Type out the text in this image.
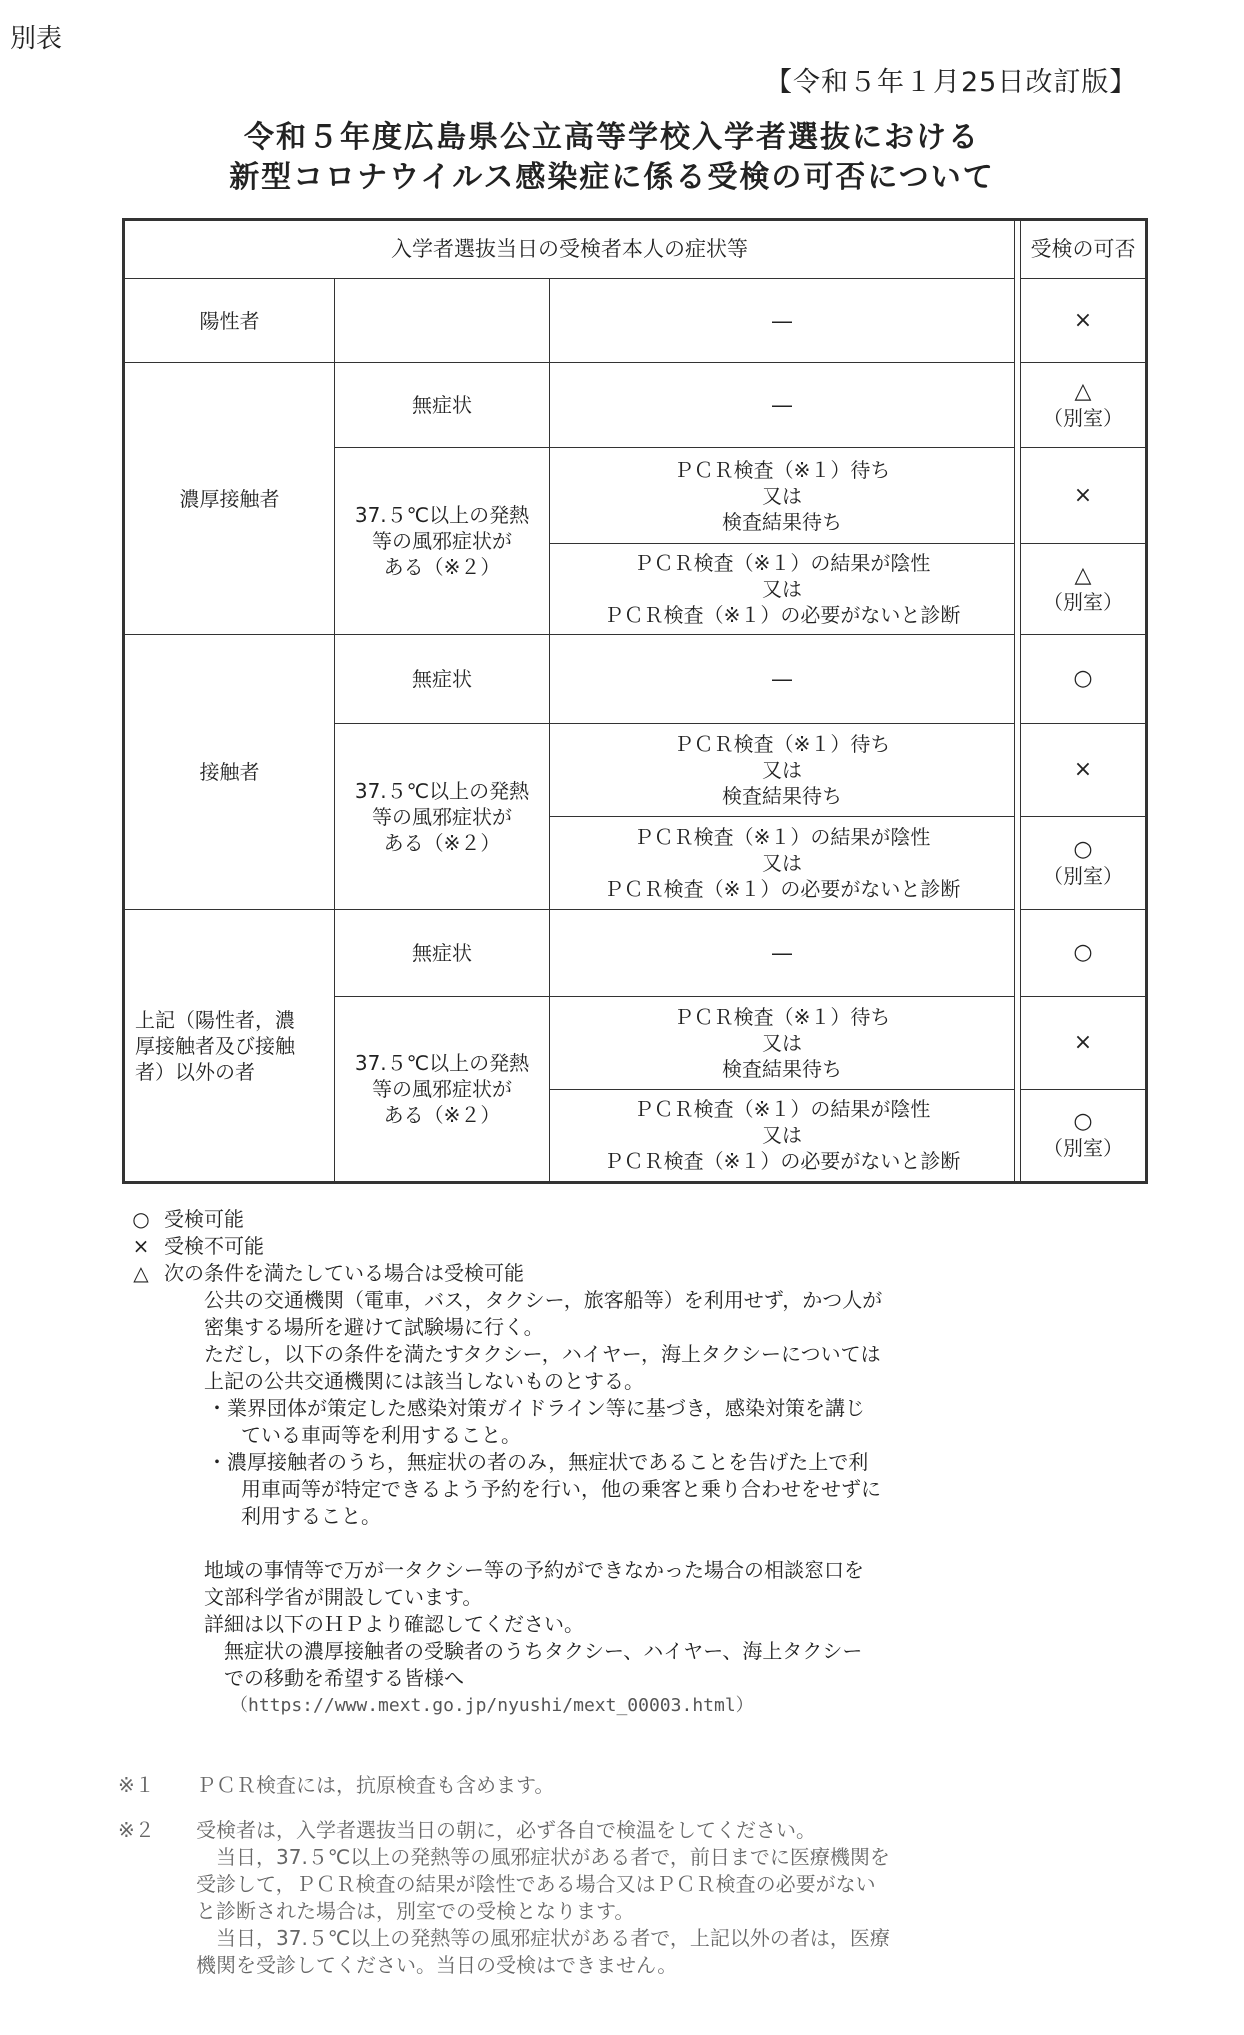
別表
【令和５年１月25日改訂版】
令和５年度広島県公立高等学校入学者選抜における
新型コロナウイルス感染症に係る受検の可否について
入学者選抜当日の受検者本人の症状等				受検の可否
陽性者		―		×

濃厚接触者	無症状	―		△
（別室）

	37.５℃以上の発熱
等の風邪症状が
ある（※２）	ＰＣＲ検査（※１）待ち
又は
検査結果待ち		×

		ＰＣＲ検査（※１）の結果が陰性
又は
ＰＣＲ検査（※１）の必要がないと診断		△
（別室）

接触者	無症状	―		○

	37.５℃以上の発熱
等の風邪症状が
ある（※２）	ＰＣＲ検査（※１）待ち
又は
検査結果待ち		×

		ＰＣＲ検査（※１）の結果が陰性
又は
ＰＣＲ検査（※１）の必要がないと診断		○
（別室）

上記（陽性者，濃
厚接触者及び接触
者）以外の者	無症状	―		○

	37.５℃以上の発熱
等の風邪症状が
ある（※２）	ＰＣＲ検査（※１）待ち
又は
検査結果待ち		×

		ＰＣＲ検査（※１）の結果が陰性
又は
ＰＣＲ検査（※１）の必要がないと診断		○
（別室）
○ 受検可能
× 受検不可能
△ 次の条件を満たしている場合は受検可能
公共の交通機関（電車，バス，タクシー，旅客船等）を利用せず，かつ人が
密集する場所を避けて試験場に行く。
ただし，以下の条件を満たすタクシー，ハイヤー，海上タクシーについては
上記の公共交通機関には該当しないものとする。
・業界団体が策定した感染対策ガイドライン等に基づき，感染対策を講じ
　ている車両等を利用すること。
・濃厚接触者のうち，無症状の者のみ，無症状であることを告げた上で利
　用車両等が特定できるよう予約を行い，他の乗客と乗り合わせをせずに
　利用すること。
地域の事情等で万が一タクシー等の予約ができなかった場合の相談窓口を
文部科学省が開設しています。
詳細は以下のＨＰより確認してください。
無症状の濃厚接触者の受験者のうちタクシー、ハイヤー、海上タクシー
での移動を希望する皆様へ
（https://www.mext.go.jp/nyushi/mext_00003.html）
※１	ＰＣＲ検査には，抗原検査も含めます。
※２	受検者は，入学者選抜当日の朝に，必ず各自で検温をしてください。
　当日，37.５℃以上の発熱等の風邪症状がある者で，前日までに医療機関を
受診して，ＰＣＲ検査の結果が陰性である場合又はＰＣＲ検査の必要がない
と診断された場合は，別室での受検となります。
　当日，37.５℃以上の発熱等の風邪症状がある者で，上記以外の者は，医療
機関を受診してください。当日の受検はできません。
